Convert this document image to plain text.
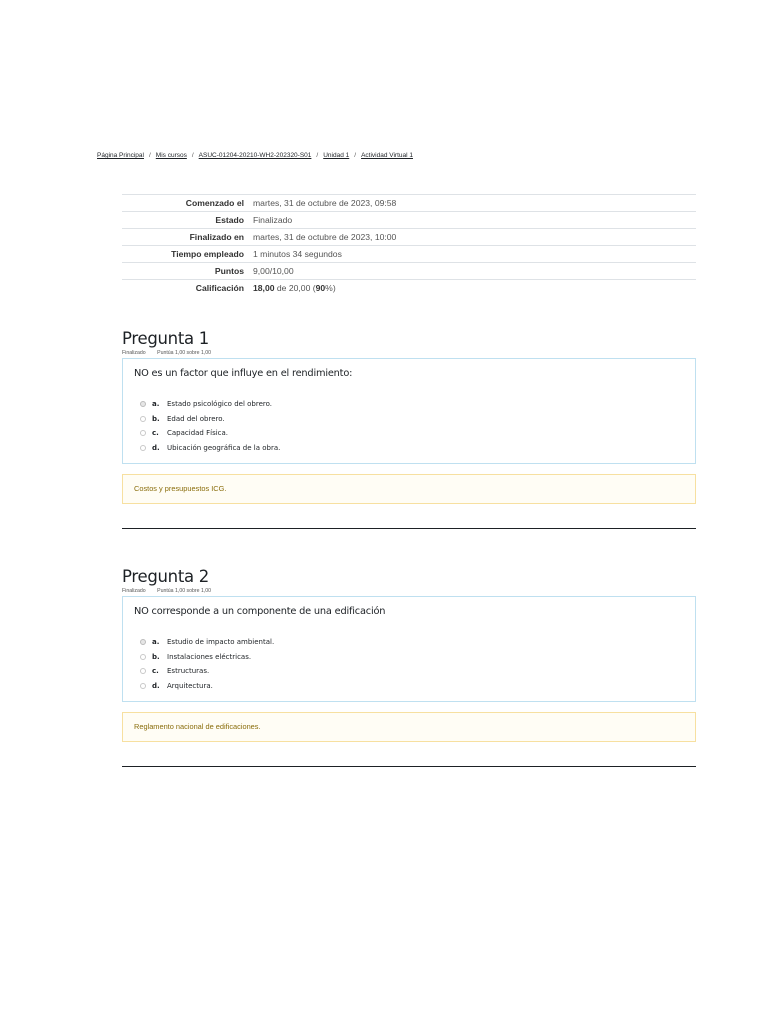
Página Principal / Mis cursos / ASUC-01204-20210-WH2-202320-S01 / Unidad 1 / Actividad Virtual 1
Comenzado el	martes, 31 de octubre de 2023, 09:58
Estado	Finalizado
Finalizado en	martes, 31 de octubre de 2023, 10:00
Tiempo empleado	1 minutos 34 segundos
Puntos	9,00/10,00
Calificación	18,00 de 20,00 (90%)
Pregunta 1
Finalizado Puntúa 1,00 sobre 1,00
NO es un factor que influye en el rendimiento:
a.	Estado psicológico del obrero.
b.	Edad del obrero.
c.	Capacidad Física.
d.	Ubicación geográfica de la obra.
Costos y presupuestos ICG.
Pregunta 2
Finalizado Puntúa 1,00 sobre 1,00
NO corresponde a un componente de una edificación
a.	Estudio de impacto ambiental.
b.	Instalaciones eléctricas.
c.	Estructuras.
d.	Arquitectura.
Reglamento nacional de edificaciones.
